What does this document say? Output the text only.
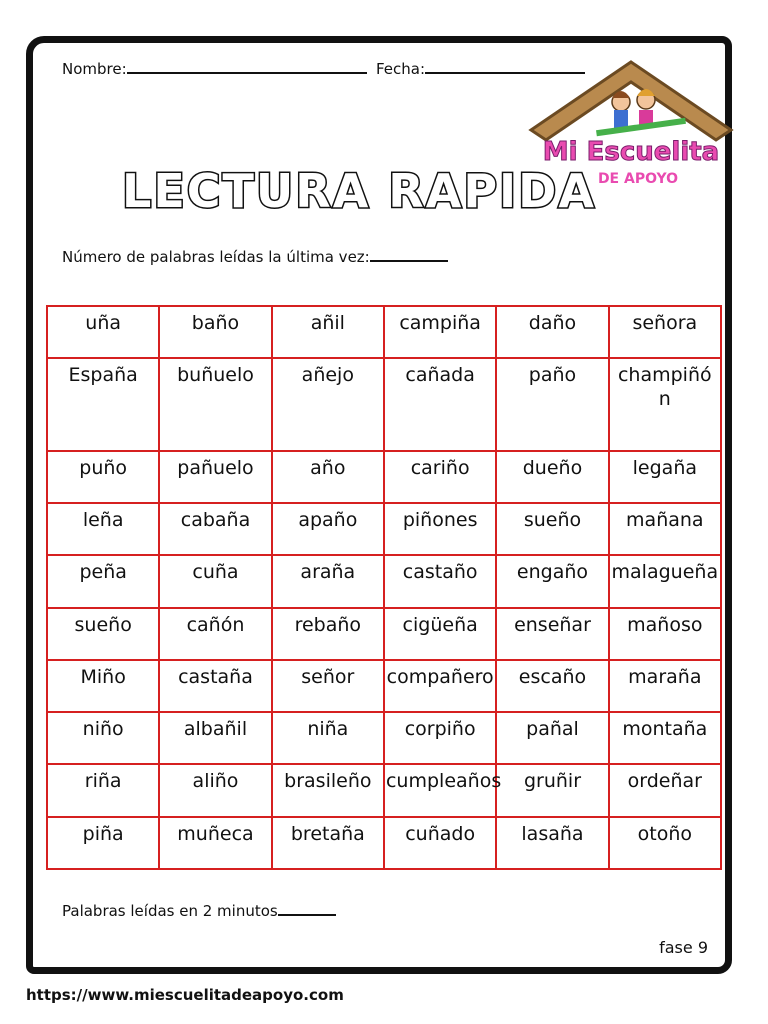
Nombre:	Fecha:
Mi Escuelita
DE APOYO
LECTURA RAPIDA
Número de palabras leídas la última vez:
uña	baño	añil	campiña	daño	señora
España	buñuelo	añejo	cañada	paño	champiñó
n
puño	pañuelo	año	cariño	dueño	legaña
leña	cabaña	apaño	piñones	sueño	mañana
peña	cuña	araña	castaño	engaño	malagueña
sueño	cañón	rebaño	cigüeña	enseñar	mañoso
Miño	castaña	señor	compañero	escaño	maraña
niño	albañil	niña	corpiño	pañal	montaña
riña	aliño	brasileño	cumpleaños	gruñir	ordeñar
piña	muñeca	bretaña	cuñado	lasaña	otoño
Palabras leídas en 2 minutos
fase 9
https://www.miescuelitadeapoyo.com
